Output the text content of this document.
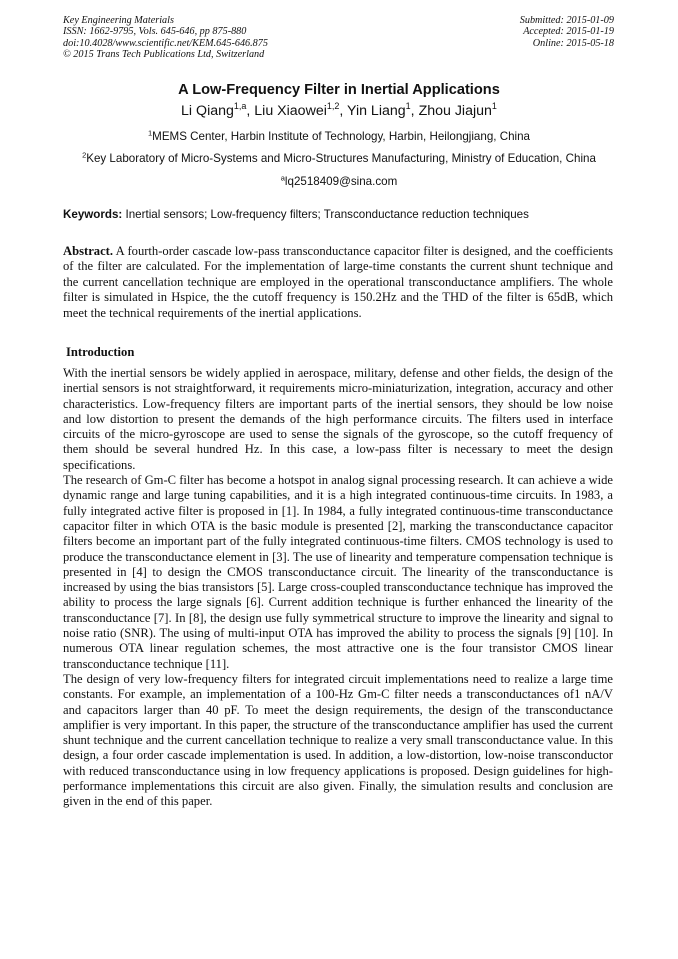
Key Engineering Materials
ISSN: 1662-9795, Vols. 645-646, pp 875-880
doi:10.4028/www.scientific.net/KEM.645-646.875
© 2015 Trans Tech Publications Ltd, Switzerland
Submitted: 2015-01-09
Accepted: 2015-01-19
Online: 2015-05-18
A Low-Frequency Filter in Inertial Applications
Li Qiang$^{1,a}$, Liu Xiaowei$^{1,2}$, Yin Liang$^1$, Zhou Jiajun$^1$
$^1$MEMS Center, Harbin Institute of Technology, Harbin, Heilongjiang, China
$^2$Key Laboratory of Micro-Systems and Micro-Structures Manufacturing, Ministry of Education, China
$^a$lq2518409@sina.com
Keywords: Inertial sensors; Low-frequency filters; Transconductance reduction techniques
Abstract. A fourth-order cascade low-pass transconductance capacitor filter is designed, and the coefficients of the filter are calculated. For the implementation of large-time constants the current shunt technique and the current cancellation technique are employed in the operational transconductance amplifiers. The whole filter is simulated in Hspice, the the cutoff frequency is 150.2Hz and the THD of the filter is 65dB, which meet the technical requirements of the inertial applications.
Introduction

With the inertial sensors be widely applied in aerospace, military, defense and other fields, the design of the inertial sensors is not straightforward, it requirements micro-miniaturization, integration, accuracy and other characteristics. Low-frequency filters are important parts of the inertial sensors, they should be low noise and low distortion to present the demands of the high performance circuits. The filters used in interface circuits of the micro-gyroscope are used to sense the signals of the gyroscope, so the cutoff frequency of them should be several hundred Hz. In this case, a low-pass filter is necessary to meet the design specifications.

The research of Gm-C filter has become a hotspot in analog signal processing research. It can achieve a wide dynamic range and large tuning capabilities, and it is a high integrated continuous-time circuits. In 1983, a fully integrated active filter is proposed in [1]. In 1984, a fully integrated continuous-time transconductance capacitor filter in which OTA is the basic module is presented [2], marking the transconductance capacitor filters become an important part of the fully integrated continuous-time filters. CMOS technology is used to produce the transconductance element in [3]. The use of linearity and temperature compensation technique is presented in [4] to design the CMOS transconductance circuit. The linearity of the transconductance is increased by using the bias transistors [5]. Large cross-coupled transconductance technique has improved the ability to process the large signals [6]. Current addition technique is further enhanced the linearity of the transconductance [7]. In [8], the design use fully symmetrical structure to improve the linearity and signal to noise ratio (SNR). The using of multi-input OTA has improved the ability to process the signals [9] [10]. In numerous OTA linear regulation schemes, the most attractive one is the four transistor CMOS linear transconductance technique [11].

The design of very low-frequency filters for integrated circuit implementations need to realize a large time constants. For example, an implementation of a 100-Hz Gm-C filter needs a transconductances of1 nA/V and capacitors larger than 40 pF. To meet the design requirements, the design of the transconductance amplifier is very important. In this paper, the structure of the transconductance amplifier has used the current shunt technique and the current cancellation technique to realize a very small transconductance value. In this design, a four order cascade implementation is used. In addition, a low-distortion, low-noise transconductor with reduced transconductance using in low frequency applications is proposed. Design guidelines for high-performance implementations this circuit are also given. Finally, the simulation results and conclusion are given in the end of this paper.
